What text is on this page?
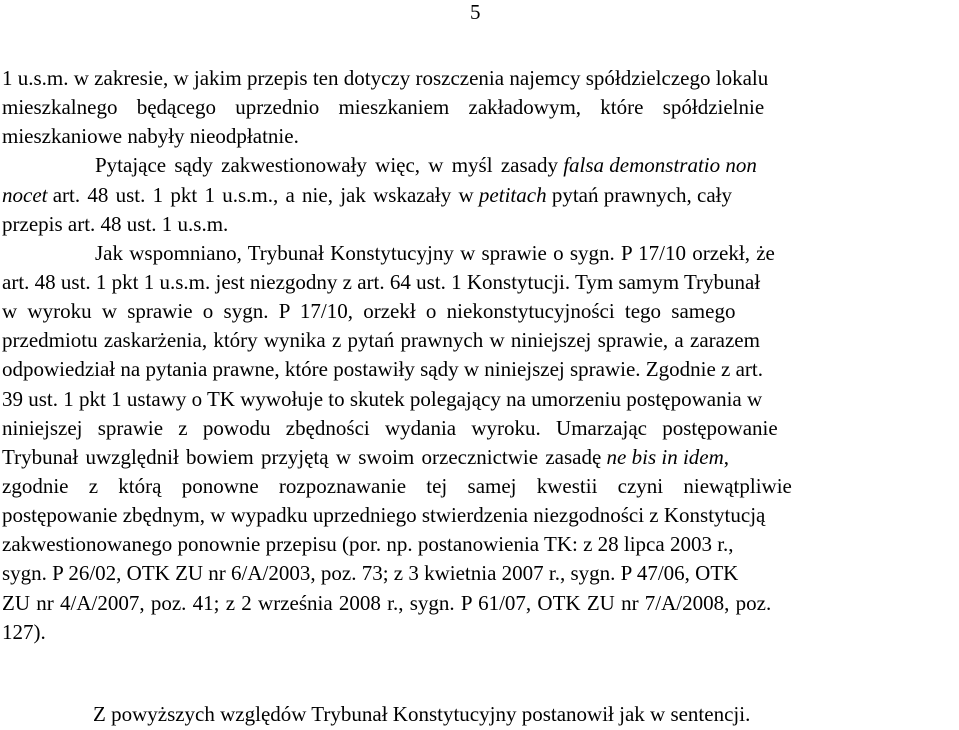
5
1 u.s.m. w zakresie, w jakim przepis ten dotyczy roszczenia najemcy spółdzielczego lokalu
mieszkalnego będącego uprzednio mieszkaniem zakładowym, które spółdzielnie
mieszkaniowe nabyły nieodpłatnie.
Pytające sądy zakwestionowały więc, w myśl zasady falsa demonstratio non
nocet art. 48 ust. 1 pkt 1 u.s.m., a nie, jak wskazały w petitach pytań prawnych, cały
przepis art. 48 ust. 1 u.s.m.
Jak wspomniano, Trybunał Konstytucyjny w sprawie o sygn. P 17/10 orzekł, że
art. 48 ust. 1 pkt 1 u.s.m. jest niezgodny z art. 64 ust. 1 Konstytucji. Tym samym Trybunał
w wyroku w sprawie o sygn. P 17/10, orzekł o niekonstytucyjności tego samego
przedmiotu zaskarżenia, który wynika z pytań prawnych w niniejszej sprawie, a zarazem
odpowiedział na pytania prawne, które postawiły sądy w niniejszej sprawie. Zgodnie z art.
39 ust. 1 pkt 1 ustawy o TK wywołuje to skutek polegający na umorzeniu postępowania w
niniejszej sprawie z powodu zbędności wydania wyroku. Umarzając postępowanie
Trybunał uwzględnił bowiem przyjętą w swoim orzecznictwie zasadę ne bis in idem,
zgodnie z którą ponowne rozpoznawanie tej samej kwestii czyni niewątpliwie
postępowanie zbędnym, w wypadku uprzedniego stwierdzenia niezgodności z Konstytucją
zakwestionowanego ponownie przepisu (por. np. postanowienia TK: z 28 lipca 2003 r.,
sygn. P 26/02, OTK ZU nr 6/A/2003, poz. 73; z 3 kwietnia 2007 r., sygn. P 47/06, OTK
ZU nr 4/A/2007, poz. 41; z 2 września 2008 r., sygn. P 61/07, OTK ZU nr 7/A/2008, poz.
127).
Z powyższych względów Trybunał Konstytucyjny postanowił jak w sentencji.
